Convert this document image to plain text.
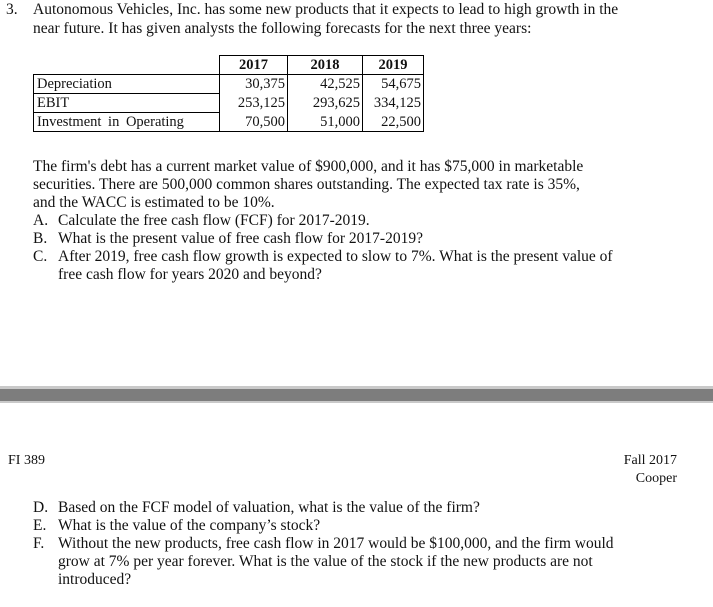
3. Autonomous Vehicles, Inc. has some new products that it expects to lead to high growth in the
near future. It has given analysts the following forecasts for the next three years:
	2017	2018	2019
Depreciation	30,375	42,525	54,675
EBIT	253,125	293,625	334,125
Investment in Operating	70,500	51,000	22,500
The firm's debt has a current market value of $900,000, and it has $75,000 in marketable
securities. There are 500,000 common shares outstanding. The expected tax rate is 35%,
and the WACC is estimated to be 10%.
A. Calculate the free cash flow (FCF) for 2017-2019.
B. What is the present value of free cash flow for 2017-2019?
C. After 2019, free cash flow growth is expected to slow to 7%. What is the present value of
free cash flow for years 2020 and beyond?
FI 389	Fall 2017
Cooper
D. Based on the FCF model of valuation, what is the value of the firm?
E. What is the value of the company’s stock?
F. Without the new products, free cash flow in 2017 would be $100,000, and the firm would
grow at 7% per year forever. What is the value of the stock if the new products are not
introduced?
